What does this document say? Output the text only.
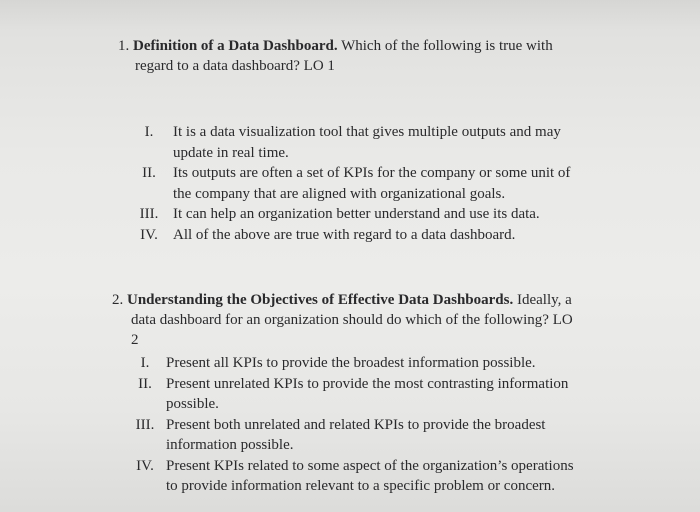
1. Definition of a Data Dashboard. Which of the following is true with
regard to a data dashboard? LO 1
I.	It is a data visualization tool that gives multiple outputs and may
update in real time.
II.	Its outputs are often a set of KPIs for the company or some unit of
the company that are aligned with organizational goals.
III. It can help an organization better understand and use its data.
IV.	All of the above are true with regard to a data dashboard.
2. Understanding the Objectives of Effective Data Dashboards. Ideally, a
data dashboard for an organization should do which of the following? LO
2
I.	Present all KPIs to provide the broadest information possible.
II. Present unrelated KPIs to provide the most contrasting information
possible.
III. Present both unrelated and related KPIs to provide the broadest
information possible.
IV. Present KPIs related to some aspect of the organization’s operations
to provide information relevant to a specific problem or concern.
